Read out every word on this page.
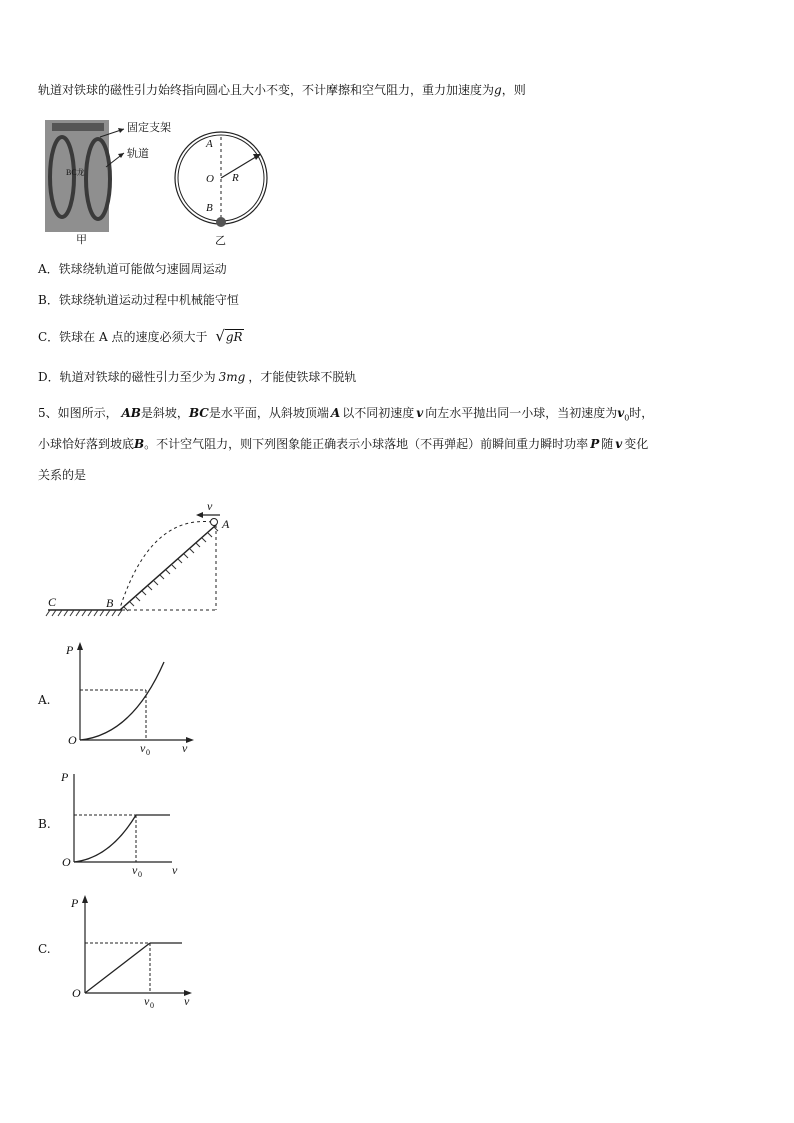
轨道对铁球的磁性引力始终指向圆心且大小不变，不计摩擦和空气阻力，重力加速度为g，则
BC龙
固定支架
轨道
甲
A
O R
B
乙
A．铁球绕轨道可能做匀速圆周运动
B．铁球绕轨道运动过程中机械能守恒
C．铁球在 A 点的速度必须大于 √gR
D．轨道对铁球的磁性引力至少为 3mg ，才能使铁球不脱轨
5、如图所示， AB是斜坡，BC是水平面，从斜坡顶端 A 以不同初速度 v 向左水平抛出同一小球，当初速度为$v_0$时，
小球恰好落到坡底B。不计空气阻力，则下列图象能正确表示小球落地（不再弹起）前瞬间重力瞬时功率 P 随 v 变化
关系的是
v
A
B
C
A.
P
O
v 0	v
B.
P
O
v 0	v
C.
P
O
v 0	v
